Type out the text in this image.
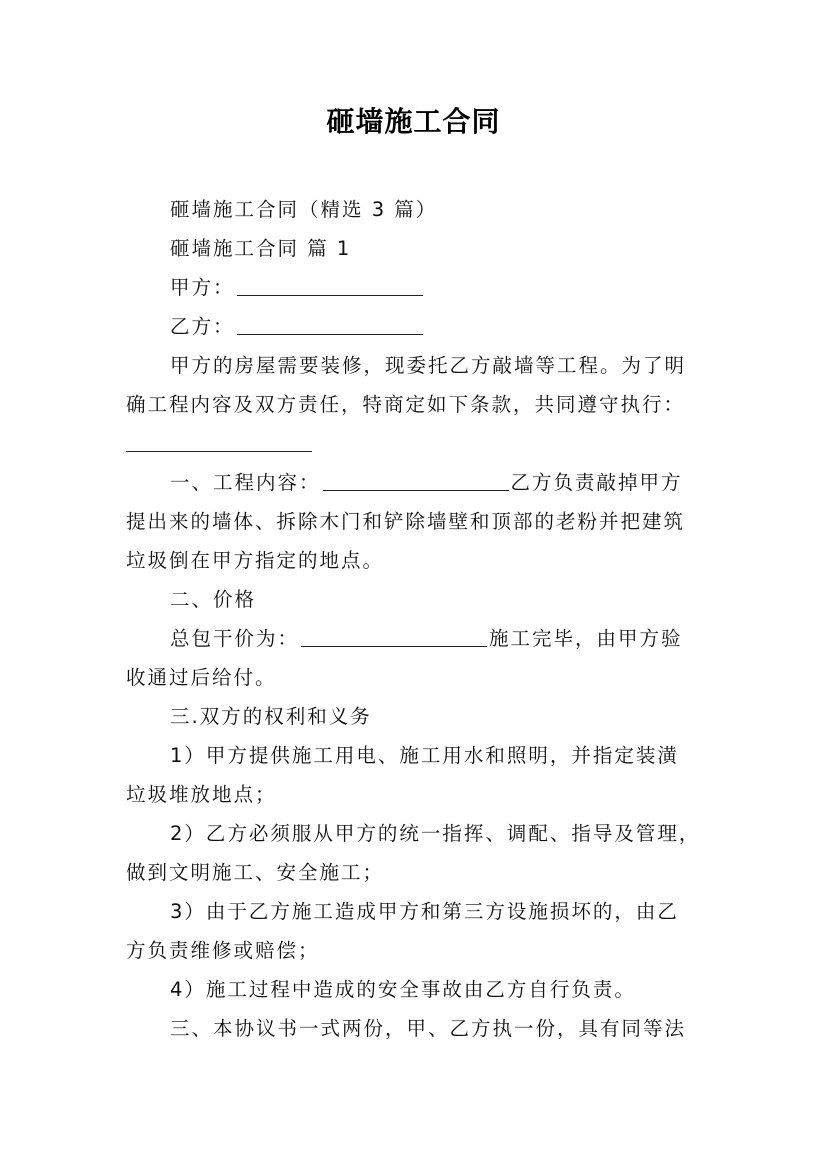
砸墙施工合同
砸墙施工合同（精选 3 篇）
砸墙施工合同 篇 1
甲方：
乙方：
甲方的房屋需要装修，现委托乙方敲墙等工程。为了明
确工程内容及双方责任，特商定如下条款，共同遵守执行：
一、工程内容：	乙方负责敲掉甲方
提出来的墙体、拆除木门和铲除墙壁和顶部的老粉并把建筑
垃圾倒在甲方指定的地点。
二、价格
总包干价为：	施工完毕，由甲方验
收通过后给付。
三.双方的权利和义务
1）甲方提供施工用电、施工用水和照明，并指定装潢
垃圾堆放地点；
2）乙方必须服从甲方的统一指挥、调配、指导及管理，
做到文明施工、安全施工；
3）由于乙方施工造成甲方和第三方设施损坏的，由乙
方负责维修或赔偿；
4）施工过程中造成的安全事故由乙方自行负责。
三、本协议书一式两份，甲、乙方执一份，具有同等法
